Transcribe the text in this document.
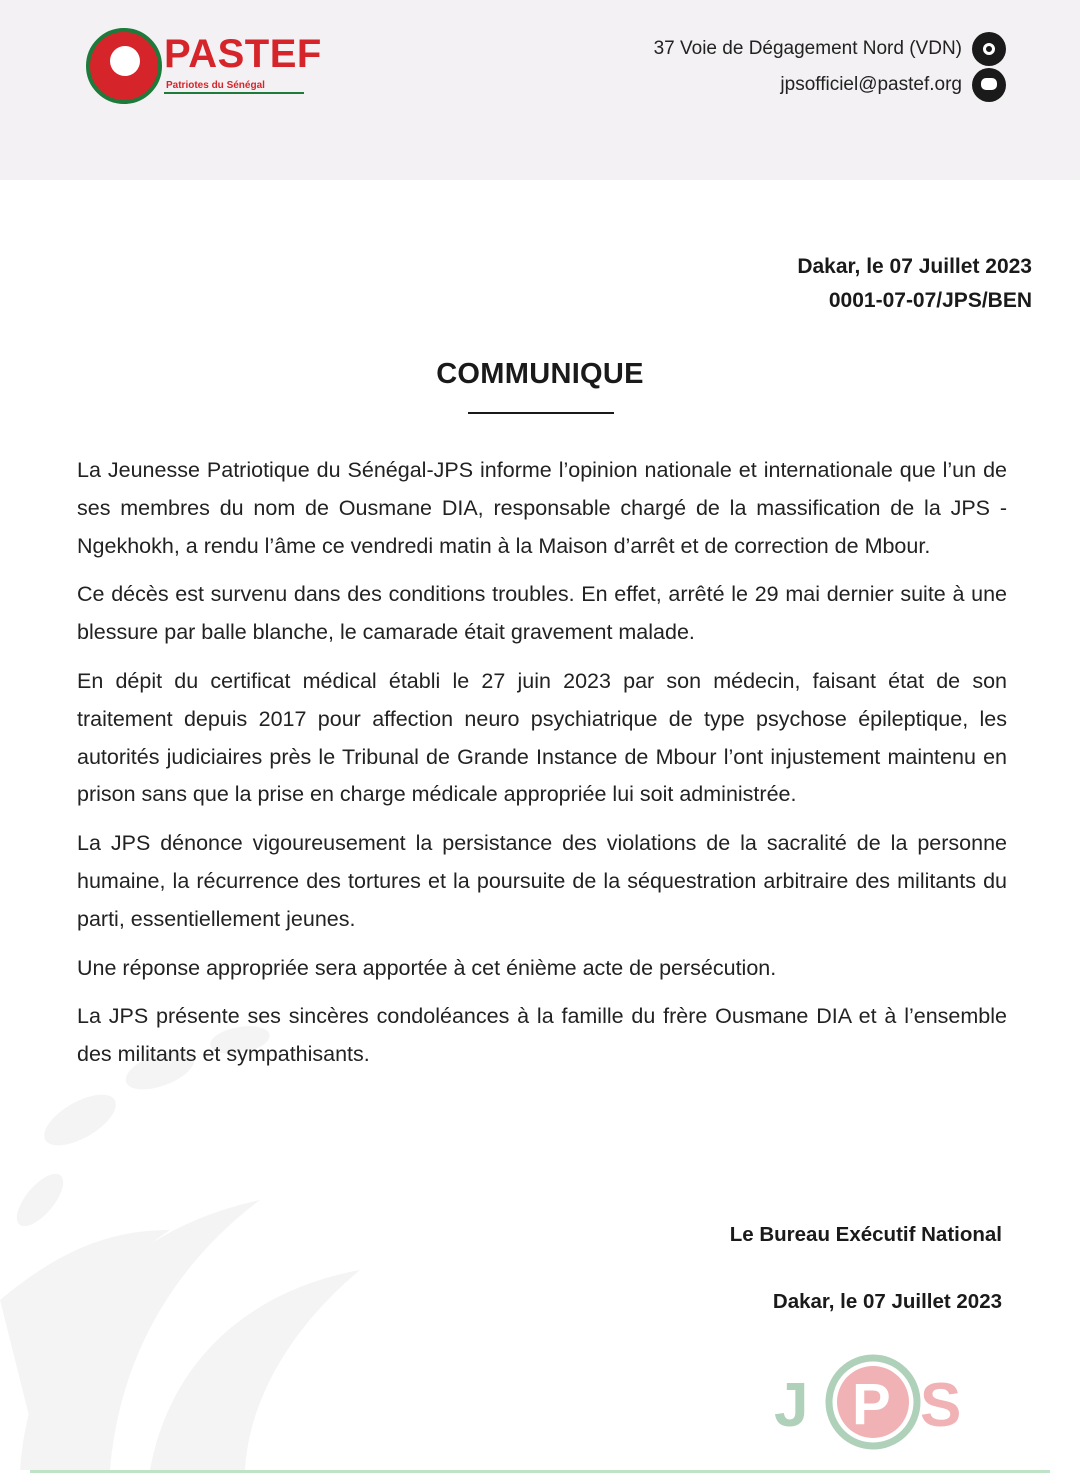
PASTEF
Patriotes du Sénégal
37 Voie de Dégagement Nord (VDN)
jpsofficiel@pastef.org
Dakar, le 07 Juillet 2023
0001-07-07/JPS/BEN
COMMUNIQUE

La Jeunesse Patriotique du Sénégal-JPS informe l’opinion nationale et internationale que l’un de ses membres du nom de Ousmane DIA, responsable chargé de la massification de la JPS - Ngekhokh, a rendu l’âme ce vendredi matin à la Maison d’arrêt et de correction de Mbour.

Ce décès est survenu dans des conditions troubles. En effet, arrêté le 29 mai dernier suite à une blessure par balle blanche, le camarade était gravement malade.

En dépit du certificat médical établi le 27 juin 2023 par son médecin, faisant état de son traitement depuis 2017 pour affection neuro psychiatrique de type psychose épileptique, les autorités judiciaires près le Tribunal de Grande Instance de Mbour l’ont injustement maintenu en prison sans que la prise en charge médicale appropriée lui soit administrée.

La JPS dénonce vigoureusement la persistance des violations de la sacralité de la personne humaine, la récurrence des tortures et la poursuite de la séquestration arbitraire des militants du parti, essentiellement jeunes.

Une réponse appropriée sera apportée à cet énième acte de persécution.

La JPS présente ses sincères condoléances à la famille du frère Ousmane DIA et à l’ensemble des militants et sympathisants.

Le Bureau Exécutif National
Dakar, le 07 Juillet 2023
J P S
